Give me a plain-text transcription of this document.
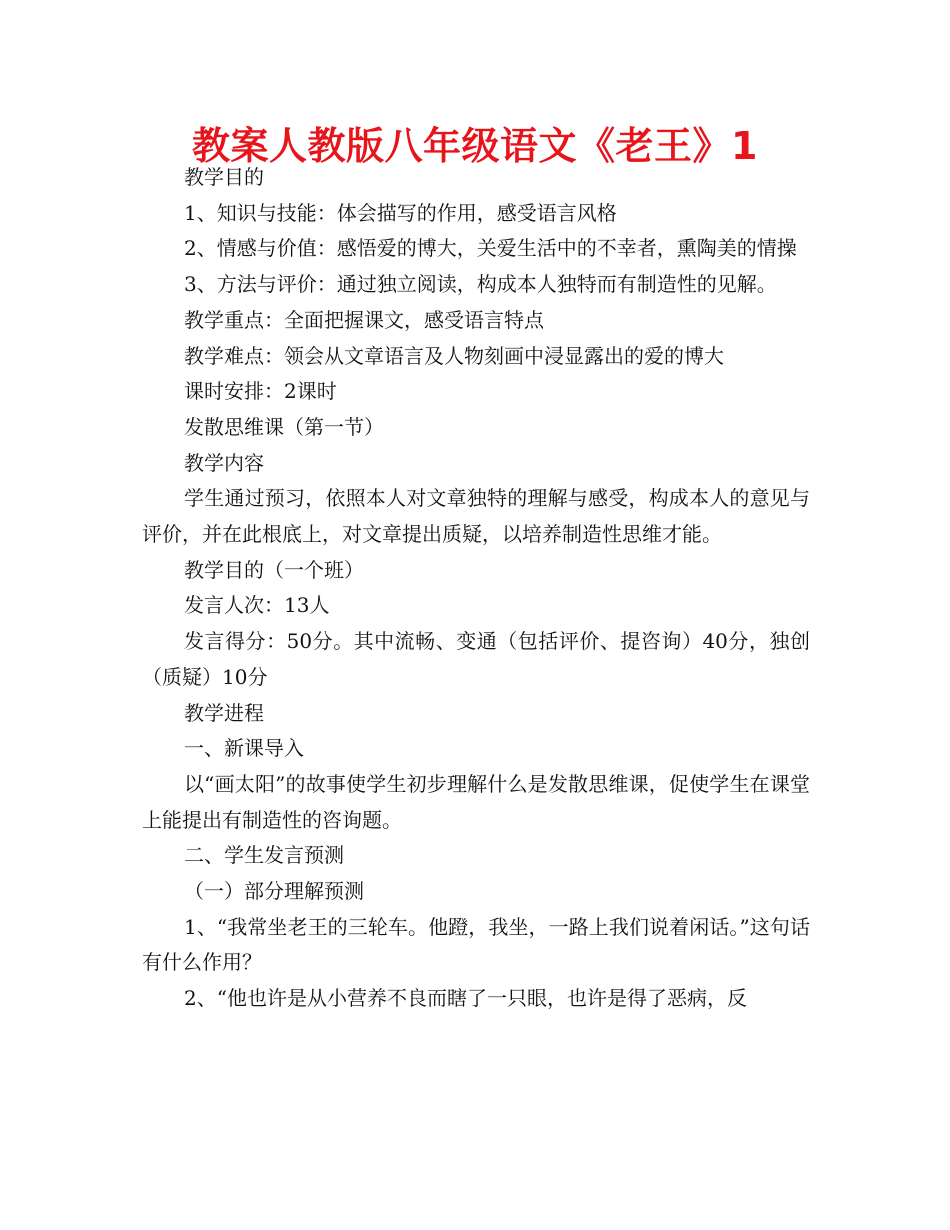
教案人教版八年级语文《老王》1

教学目的

1、知识与技能：体会描写的作用，感受语言风格

2、情感与价值：感悟爱的博大，关爱生活中的不幸者，熏陶美的情操

3、方法与评价：通过独立阅读，构成本人独特而有制造性的见解。

教学重点：全面把握课文，感受语言特点

教学难点：领会从文章语言及人物刻画中浸显露出的爱的博大

课时安排：2课时

发散思维课（第一节）

教学内容

学生通过预习，依照本人对文章独特的理解与感受，构成本人的意见与评价，并在此根底上，对文章提出质疑，以培养制造性思维才能。

教学目的（一个班）

发言人次：13人

发言得分：50分。其中流畅、变通（包括评价、提咨询）40分，独创（质疑）10分

教学进程

一、新课导入

以“画太阳”的故事使学生初步理解什么是发散思维课，促使学生在课堂上能提出有制造性的咨询题。

二、学生发言预测

（一）部分理解预测

1、“我常坐老王的三轮车。他蹬，我坐，一路上我们说着闲话。”这句话有什么作用？

2、“他也许是从小营养不良而瞎了一只眼，也许是得了恶病，反
